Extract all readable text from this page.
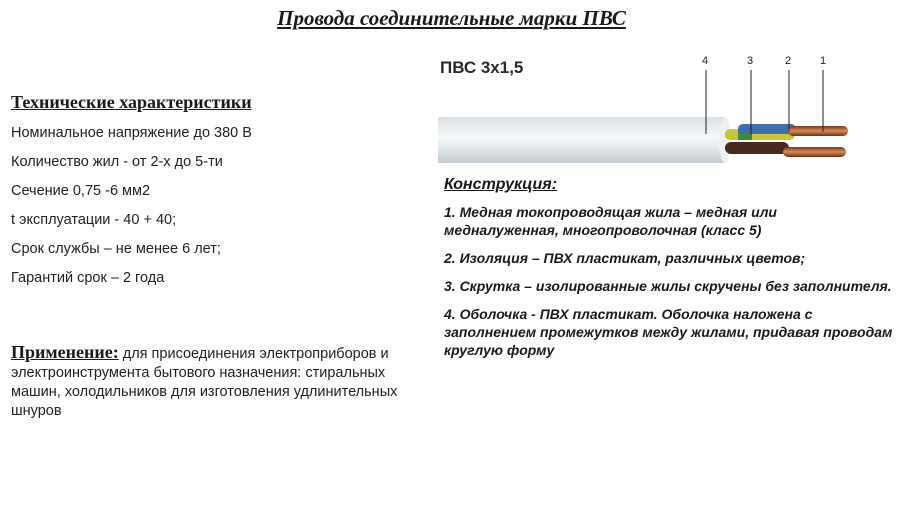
Провода соединительные марки ПВС
Технические характеристики
Номинальное напряжение до 380 В
Количество жил - от 2-х до 5-ти
Сечение 0,75 -6 мм2
t эксплуатации - 40 + 40;
Срок службы – не менее 6 лет;
Гарантий срок – 2 года
Применение: для присоединения электроприборов и электроинструмента бытового назначения: стиральных машин, холодильников для изготовления удлинительных шнуров
4	3	2	1
ПВС 3х1,5
Конструкция:
1. Медная токопроводящая жила – медная или медналуженная, многопроволочная (класс 5)
2. Изоляция – ПВХ пластикат, различных цветов;
3. Скрутка – изолированные жилы скручены без заполнителя.
4. Оболочка - ПВХ пластикат. Оболочка наложена с заполнением промежутков между жилами, придавая проводам круглую форму
